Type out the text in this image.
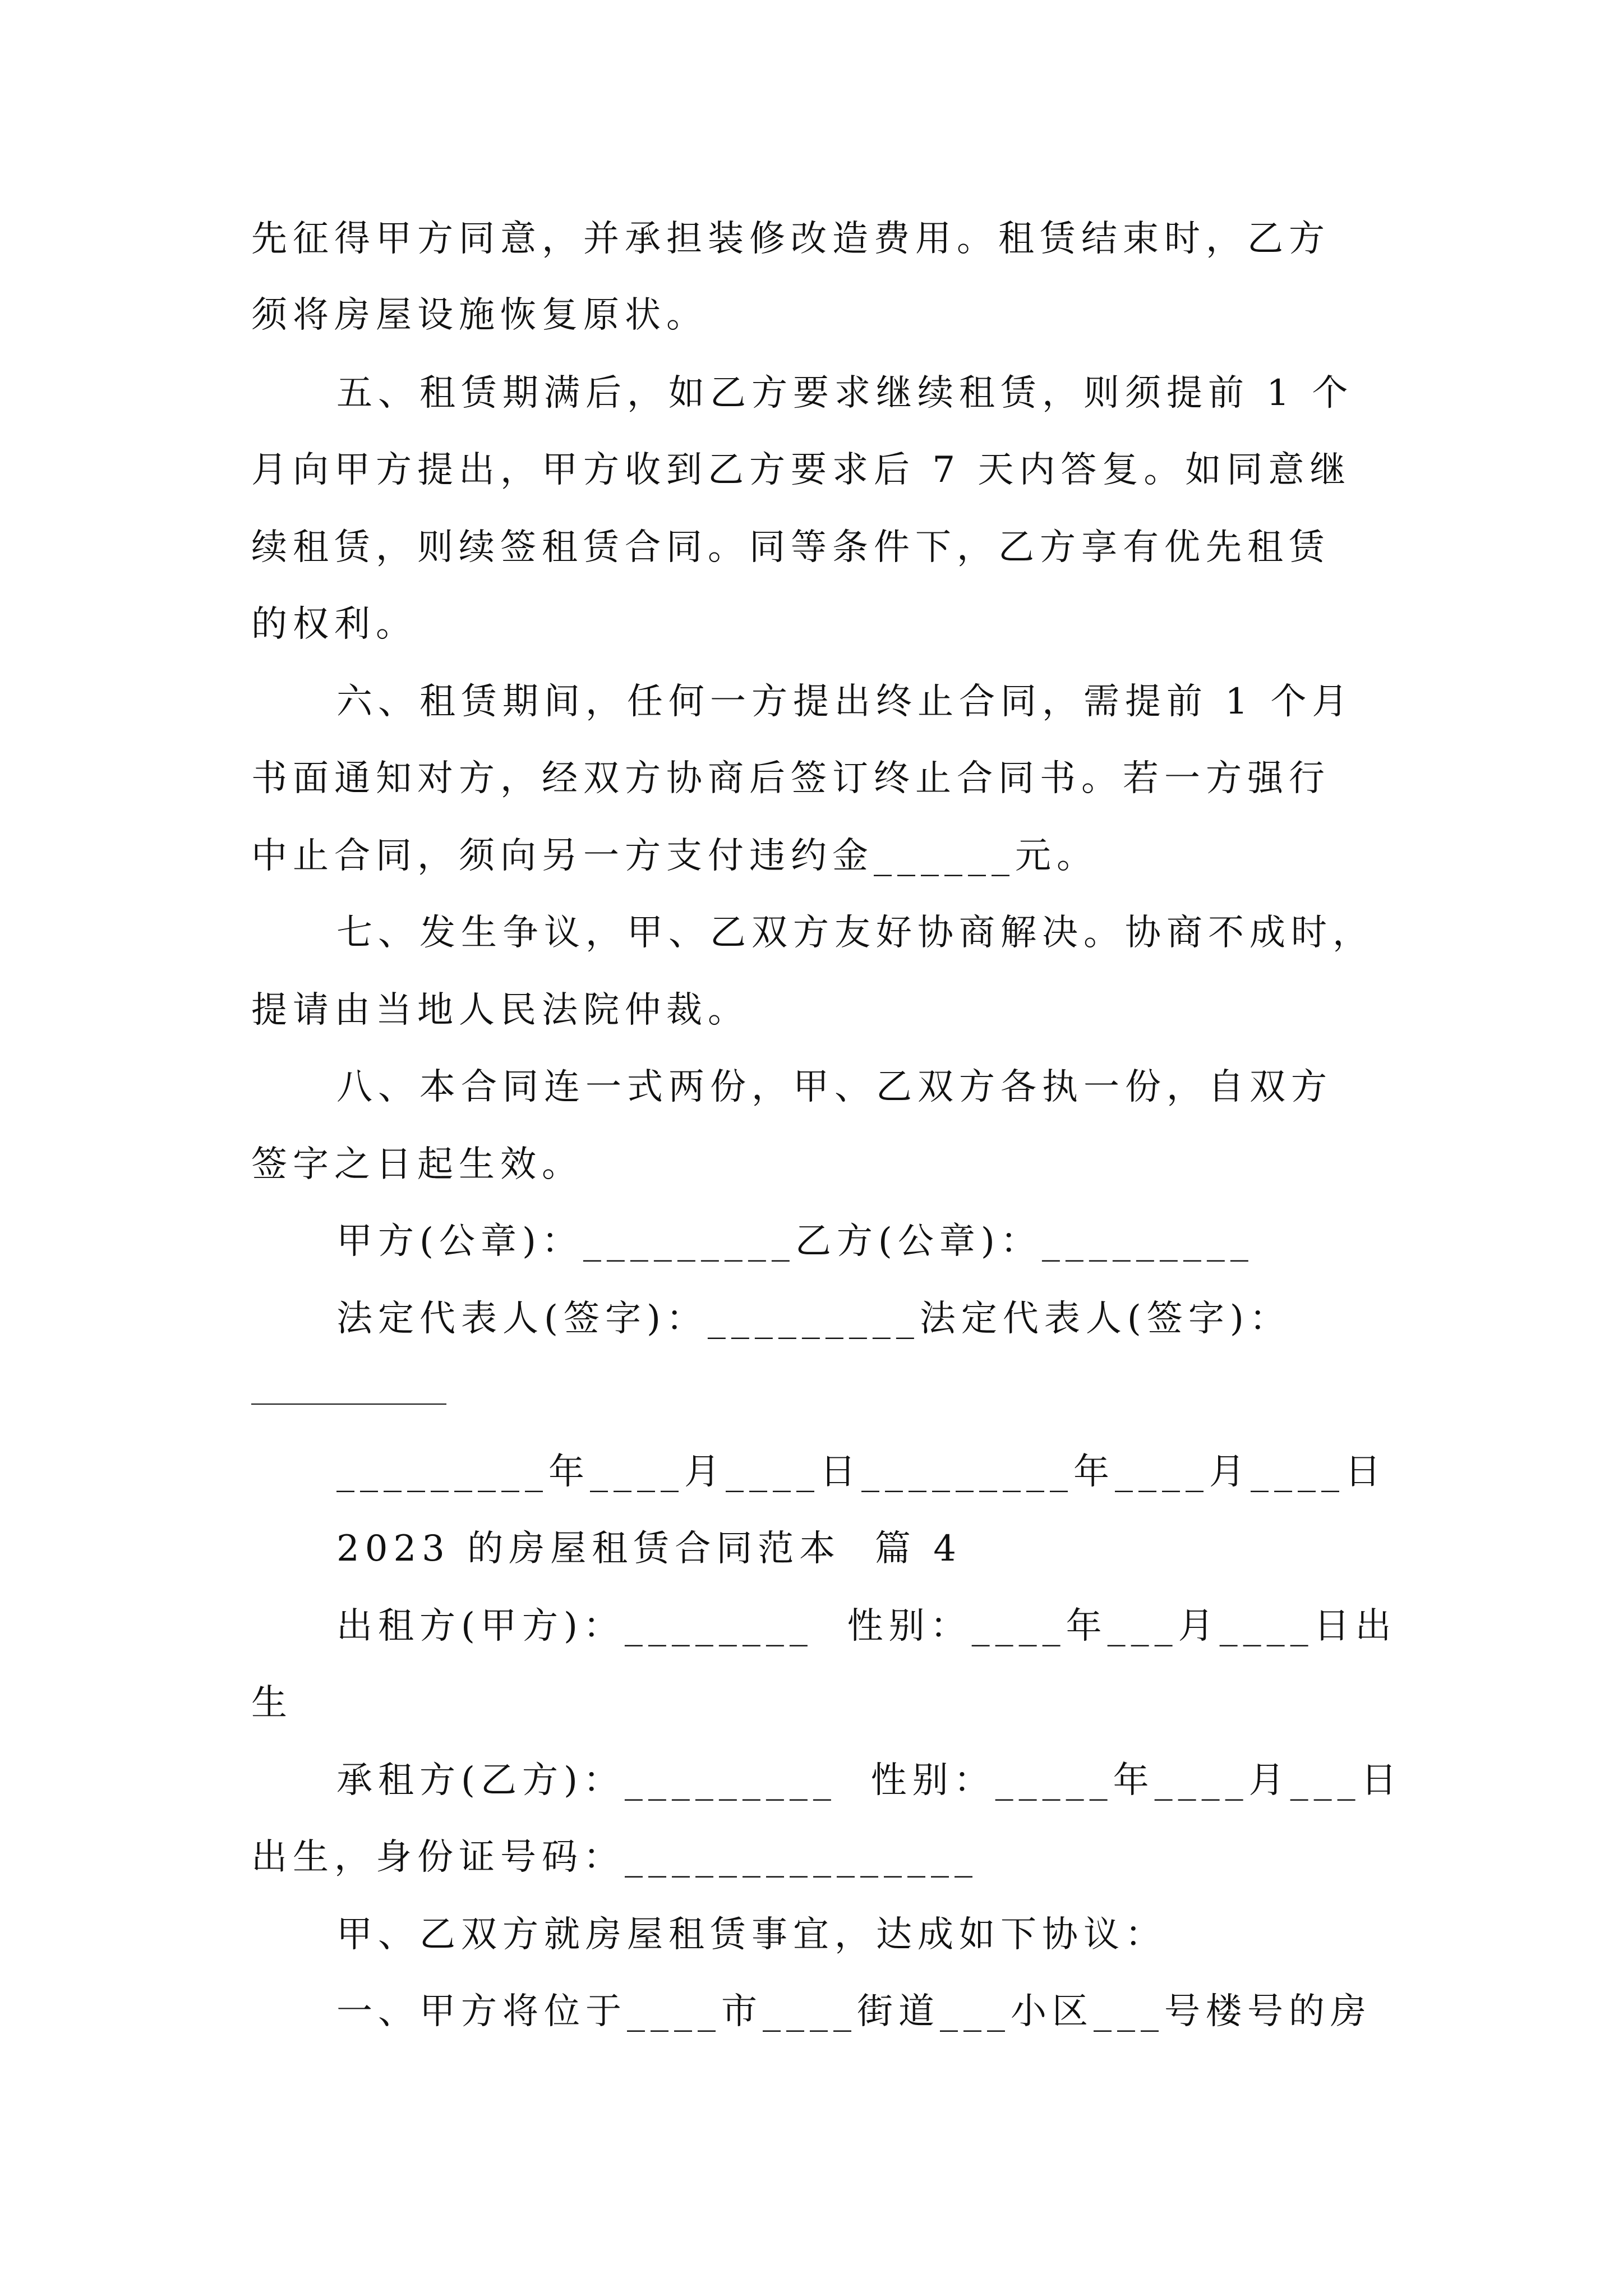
先征得甲方同意，并承担装修改造费用。租赁结束时，乙方
须将房屋设施恢复原状。
五、租赁期满后，如乙方要求继续租赁，则须提前 1 个
月向甲方提出，甲方收到乙方要求后 7 天内答复。如同意继
续租赁，则续签租赁合同。同等条件下，乙方享有优先租赁
的权利。
六、租赁期间，任何一方提出终止合同，需提前 1 个月
书面通知对方，经双方协商后签订终止合同书。若一方强行
中止合同，须向另一方支付违约金______元。
七、发生争议，甲、乙双方友好协商解决。协商不成时，
提请由当地人民法院仲裁。
八、本合同连一式两份，甲、乙双方各执一份，自双方
签字之日起生效。
甲方(公章)：_________乙方(公章)：_________
法定代表人(签字)：_________法定代表人(签字)：
_________年____月____日_________年____月____日
2023 的房屋租赁合同范本  篇 4
出租方(甲方)：________  性别：____年___月____日出
生
承租方(乙方)：_________  性别：_____年____月___日
出生，身份证号码：_______________
甲、乙双方就房屋租赁事宜，达成如下协议：
一、甲方将位于____市____街道___小区___号楼号的房
